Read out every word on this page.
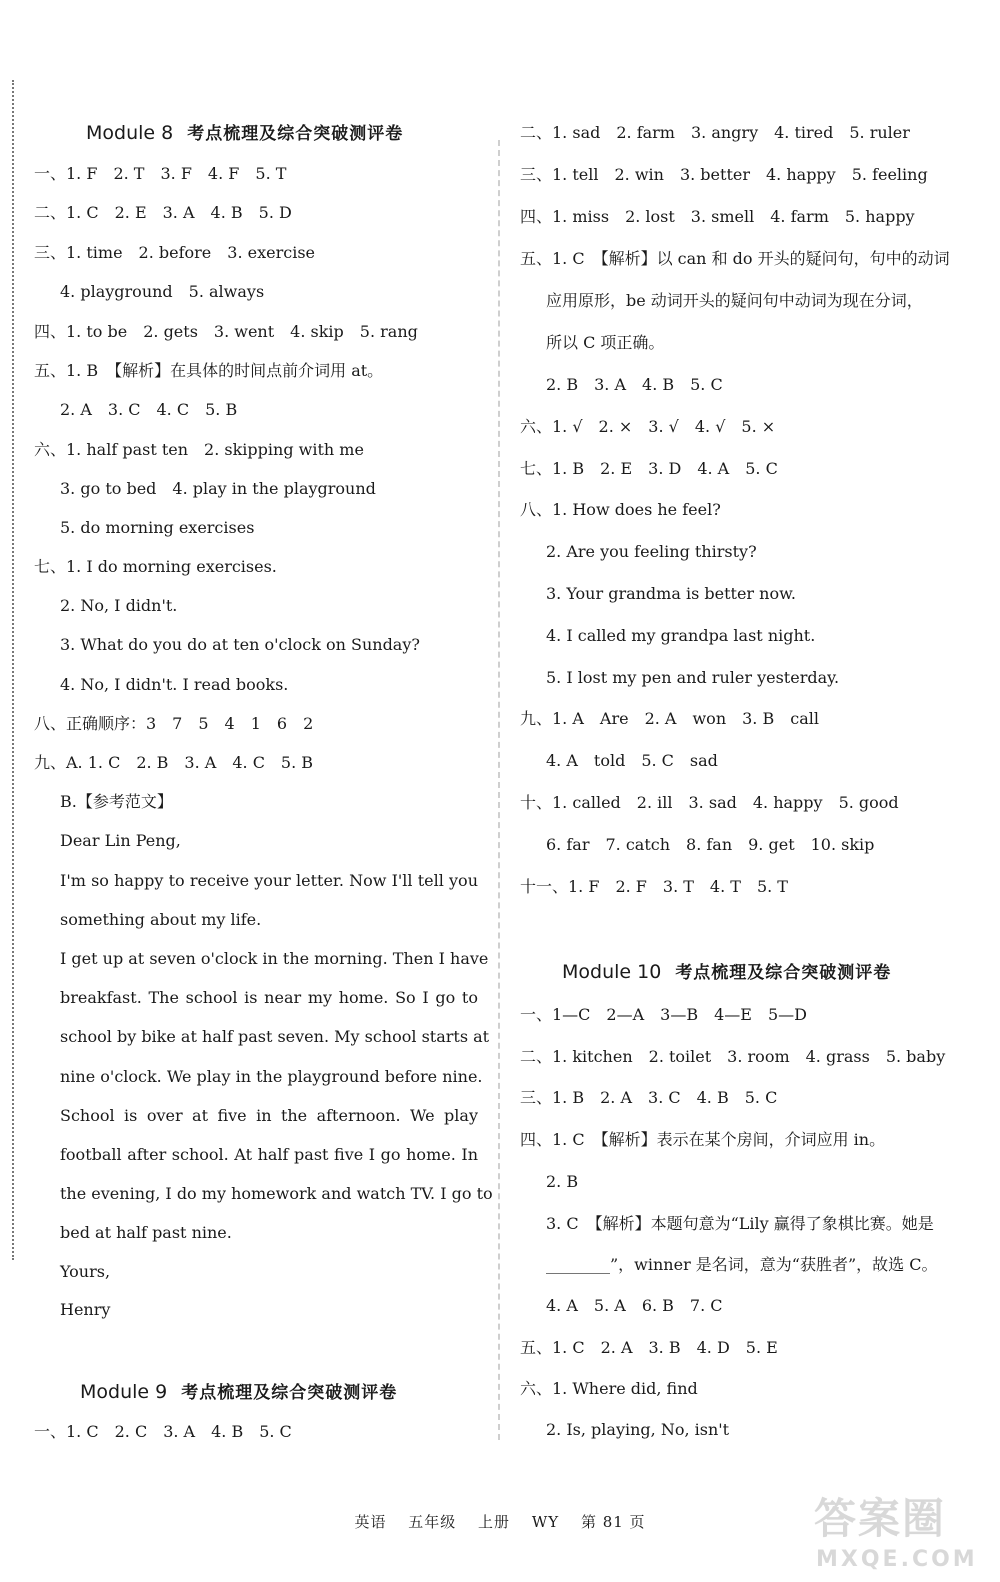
Module 8 考点梳理及综合突破测评卷
一、1. F　2. T　3. F　4. F　5. T
二、1. C　2. E　3. A　4. B　5. D
三、1. time　2. before　3. exercise
4. playground　5. always
四、1. to be　2. gets　3. went　4. skip　5. rang
五、1. B　【解析】在具体的时间点前介词用 at。
2. A　3. C　4. C　5. B
六、1. half past ten　2. skipping with me
3. go to bed　4. play in the playground
5. do morning exercises
七、1. I do morning exercises.
2. No, I didn't.
3. What do you do at ten o'clock on Sunday?
4. No, I didn't. I read books.
八、正确顺序：3　7　5　4　1　6　2
九、A. 1. C　2. B　3. A　4. C　5. B
B.【参考范文】
Dear Lin Peng,
I'm so happy to receive your letter. Now I'll tell you
something about my life.
I get up at seven o'clock in the morning. Then I have
breakfast. The school is near my home. So I go to
school by bike at half past seven. My school starts at
nine o'clock. We play in the playground before nine.
School is over at five in the afternoon. We play
football after school. At half past five I go home. In
the evening, I do my homework and watch TV. I go to
bed at half past nine.
Yours,
Henry
Module 9 考点梳理及综合突破测评卷
一、1. C　2. C　3. A　4. B　5. C
二、1. sad　2. farm　3. angry　4. tired　5. ruler
三、1. tell　2. win　3. better　4. happy　5. feeling
四、1. miss　2. lost　3. smell　4. farm　5. happy
五、1. C　【解析】以 can 和 do 开头的疑问句，句中的动词
应用原形，be 动词开头的疑问句中动词为现在分词，
所以 C 项正确。
2. B　3. A　4. B　5. C
六、1. √　2. ×　3. √　4. √　5. ×
七、1. B　2. E　3. D　4. A　5. C
八、1. How does he feel?
2. Are you feeling thirsty?
3. Your grandma is better now.
4. I called my grandpa last night.
5. I lost my pen and ruler yesterday.
九、1. A　Are　2. A　won　3. B　call
4. A　told　5. C　sad
十、1. called　2. ill　3. sad　4. happy　5. good
6. far　7. catch　8. fan　9. get　10. skip
十一、1. F　2. F　3. T　4. T　5. T
Module 10 考点梳理及综合突破测评卷
一、1—C　2—A　3—B　4—E　5—D
二、1. kitchen　2. toilet　3. room　4. grass　5. baby
三、1. B　2. A　3. C　4. B　5. C
四、1. C　【解析】表示在某个房间，介词应用 in。
2. B
3. C　【解析】本题句意为“Lily 赢得了象棋比赛。她是
________”，winner 是名词，意为“获胜者”，故选 C。
4. A　5. A　6. B　7. C
五、1. C　2. A　3. B　4. D　5. E
六、1. Where did, find
2. Is, playing, No, isn't
英语 五年级 上册 WY 第 81 页	答案圈
MXQE.COM
